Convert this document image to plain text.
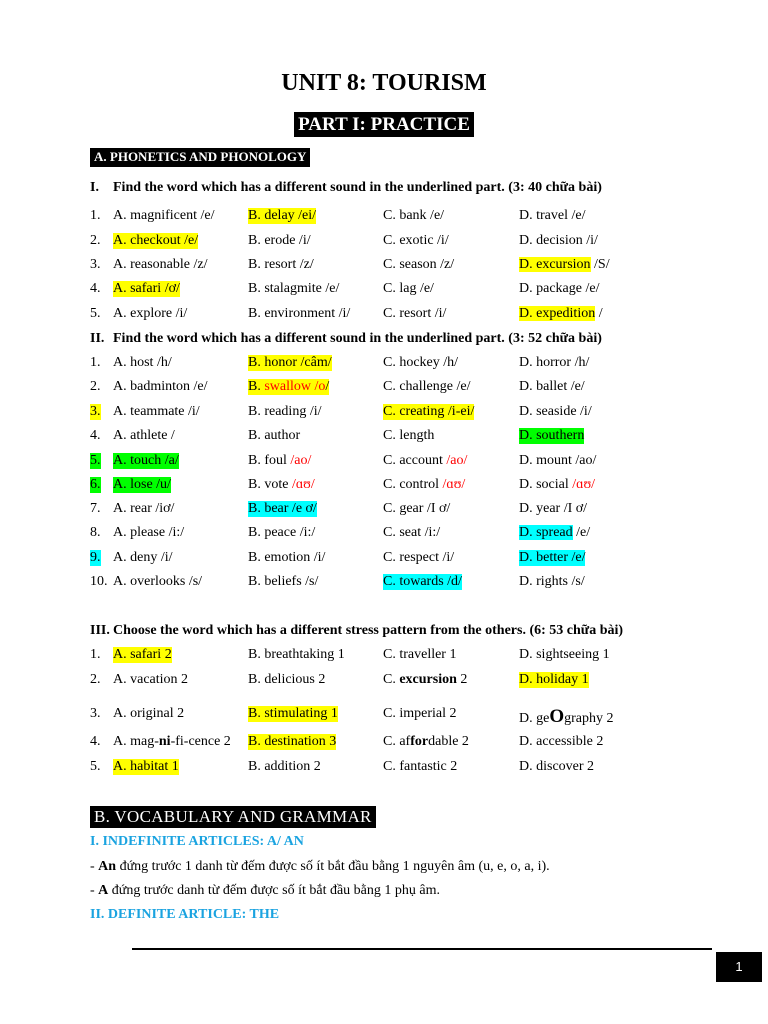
UNIT 8: TOURISM
PART I: PRACTICE
A. PHONETICS AND PHONOLOGY
I. Find the word which has a different sound in the underlined part. (3: 40 chữa bài)
1. A. magnificent /e/ B. delay /ei/	C. bank /e/	D. travel /e/
2. A. checkout /e/	B. erode /i/	C. exotic /i/	D. decision /i/
3. A. reasonable /z/	B. resort /z/	C. season /z/	D. excursion /S/
4. A. safari /ơ/	B. stalagmite /e/	C. lag /e/	D. package /e/
5. A. explore /i/	B. environment /i/ C. resort /i/	D. expedition /
II. Find the word which has a different sound in the underlined part. (3: 52 chữa bài)
1. A. host /h/	B. honor /câm/	C. hockey /h/	D. horror /h/
2. A. badminton /e/	B. swallow /o/	C. challenge /e/	D. ballet /e/
3. A. teammate /i/	B. reading /i/	C. creating /i-ei/	D. seaside /i/
4. A. athlete /	B. author	C. length	D. southern
5. A. touch /a/	B. foul /ao/	C. account /ao/	D. mount /ao/
6. A. lose /u/	B. vote /ɑʊ/	C. control /ɑʊ/	D. social /ɑʊ/
7. A. rear /iơ/	B. bear /e ơ/	C. gear /I ơ/	D. year /I ơ/
8. A. please /i:/	B. peace /i:/	C. seat /i:/	D. spread /e/
9. A. deny /i/	B. emotion /i/	C. respect /i/	D. better /e/
10. A. overlooks /s/	B. beliefs /s/	C. towards /d/	D. rights /s/
III. Choose the word which has a different stress pattern from the others. (6: 53 chữa bài)
1. A. safari 2	B. breathtaking 1	C. traveller 1	D. sightseeing 1
2. A. vacation 2	B. delicious 2	C. excursion 2	D. holiday 1
3. A. original 2	B. stimulating 1	C. imperial 2	D. geOgraphy 2
4. A. mag-ni-fi-cence 2 B. destination 3	C. affordable 2	D. accessible 2
5. A. habitat 1	B. addition 2	C. fantastic 2	D. discover 2
B. VOCABULARY AND GRAMMAR
I. INDEFINITE ARTICLES: A/ AN
- An đứng trước 1 danh từ đếm được số ít bắt đầu bằng 1 nguyên âm (u, e, o, a, i).
- A đứng trước danh từ đếm được số ít bắt đầu bằng 1 phụ âm.
II. DEFINITE ARTICLE: THE
1
